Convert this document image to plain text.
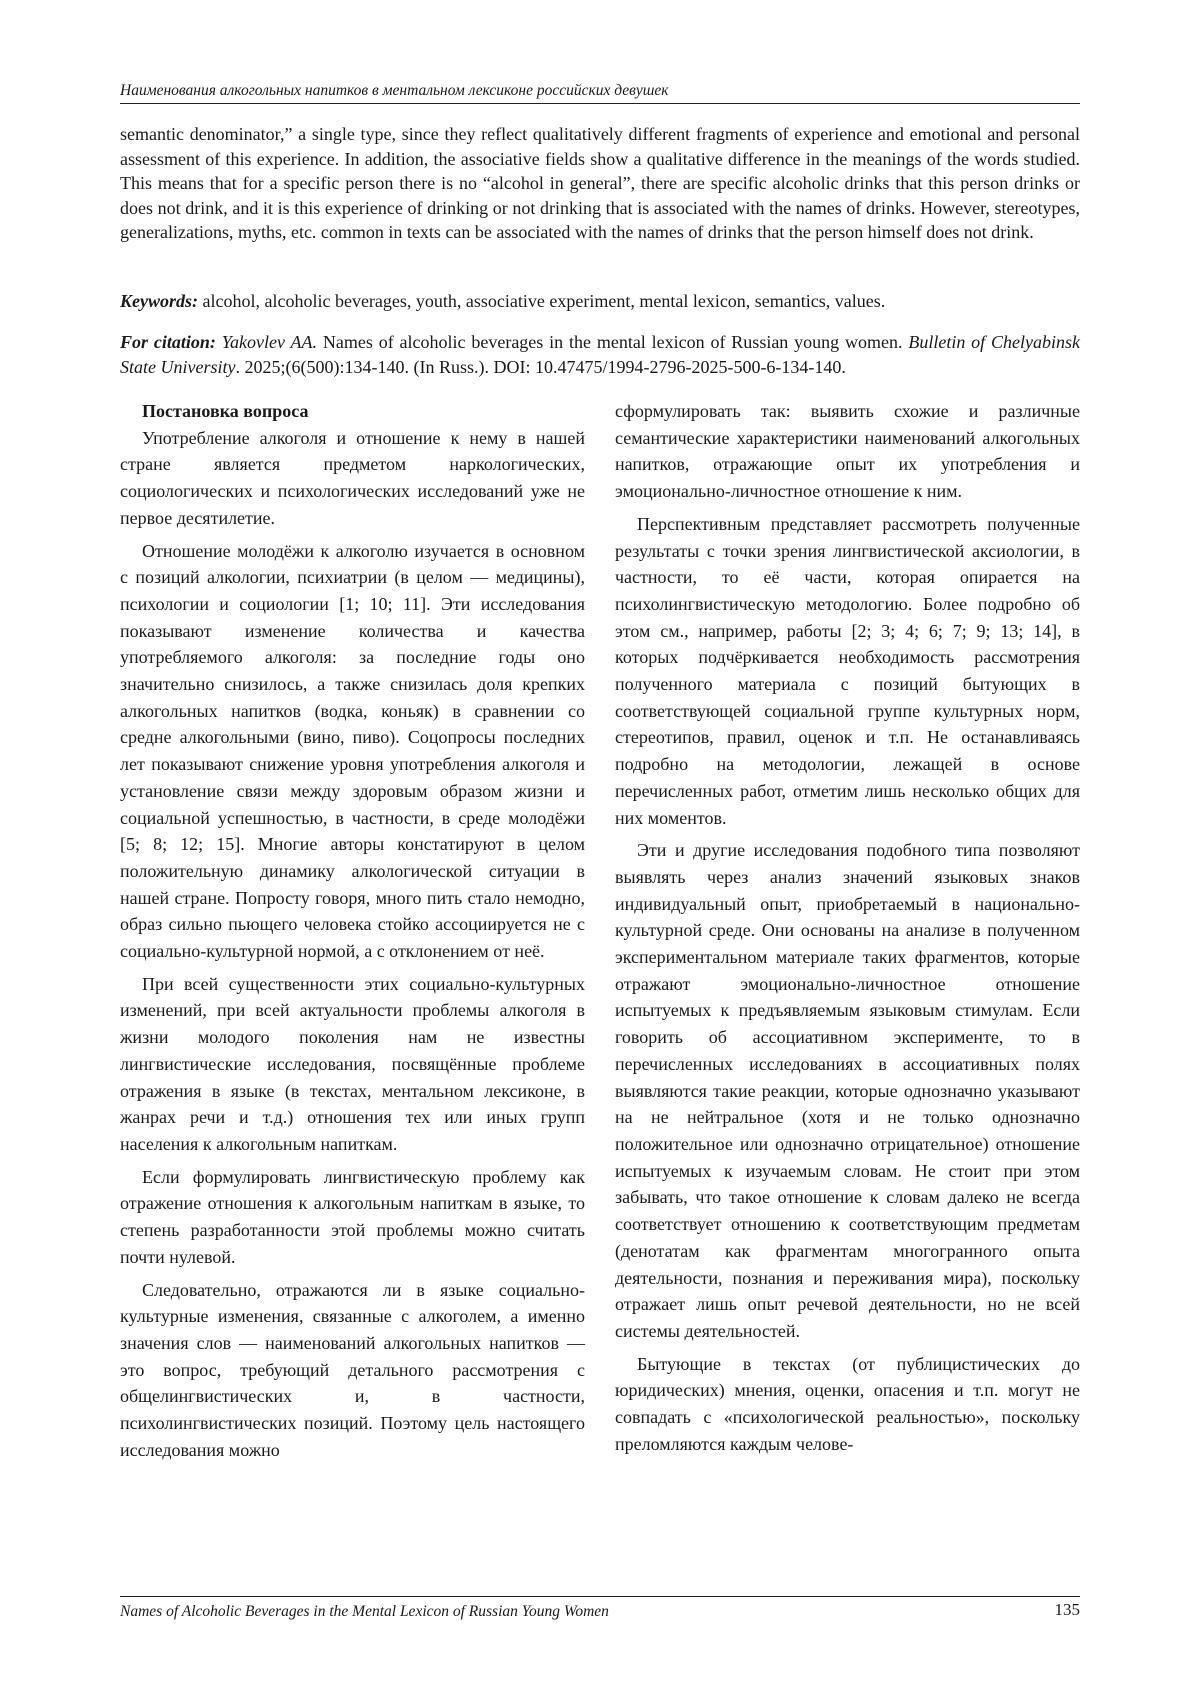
Наименования алкогольных напитков в ментальном лексиконе российских девушек

semantic denominator,” a single type, since they reflect qualitatively different fragments of experience and emotional and personal assessment of this experience. In addition, the associative fields show a qualitative difference in the meanings of the words studied. This means that for a specific person there is no “alcohol in general”, there are specific alcoholic drinks that this person drinks or does not drink, and it is this experience of drinking or not drinking that is associated with the names of drinks. However, stereotypes, generalizations, myths, etc. common in texts can be associated with the names of drinks that the person himself does not drink.

Keywords: alcohol, alcoholic beverages, youth, associative experiment, mental lexicon, semantics, values.
For citation: Yakovlev AA. Names of alcoholic beverages in the mental lexicon of Russian young women. Bulletin of Chelyabinsk State University. 2025;(6(500):134-140. (In Russ.). DOI: 10.47475/1994-2796-2025-500-6-134-140.
Постановка вопроса

Употребление алкоголя и отношение к нему в нашей стране является предметом наркологических, социологических и психологических исследований уже не первое десятилетие.

Отношение молодёжи к алкоголю изучается в основном с позиций алкологии, психиатрии (в целом — медицины), психологии и социологии [1; 10; 11]. Эти исследования показывают изменение количества и качества употребляемого алкоголя: за последние годы оно значительно снизилось, а также снизилась доля крепких алкогольных напитков (водка, коньяк) в сравнении со средне алкогольными (вино, пиво). Соцопросы последних лет показывают снижение уровня употребления алкоголя и установление связи между здоровым образом жизни и социальной успешностью, в частности, в среде молодёжи [5; 8; 12; 15]. Многие авторы констатируют в целом положительную динамику алкологической ситуации в нашей стране. Попросту говоря, много пить стало немодно, образ сильно пьющего человека стойко ассоциируется не с социально-культурной нормой, а с отклонением от неё.

При всей существенности этих социально-культурных изменений, при всей актуальности проблемы алкоголя в жизни молодого поколения нам не известны лингвистические исследования, посвящённые проблеме отражения в языке (в текстах, ментальном лексиконе, в жанрах речи и т.д.) отношения тех или иных групп населения к алкогольным напиткам.

Если формулировать лингвистическую проблему как отражение отношения к алкогольным напиткам в языке, то степень разработанности этой проблемы можно считать почти нулевой.

Следовательно, отражаются ли в языке социально-культурные изменения, связанные с алкоголем, а именно значения слов — наименований алкогольных напитков — это вопрос, требующий детального рассмотрения с общелингвистических и, в частности, психолингвистических позиций. Поэтому цель настоящего исследования можно

сформулировать так: выявить схожие и различные семантические характеристики наименований алкогольных напитков, отражающие опыт их употребления и эмоционально-личностное отношение к ним.

Перспективным представляет рассмотреть полученные результаты с точки зрения лингвистической аксиологии, в частности, то её части, которая опирается на психолингвистическую методологию. Более подробно об этом см., например, работы [2; 3; 4; 6; 7; 9; 13; 14], в которых подчёркивается необходимость рассмотрения полученного материала с позиций бытующих в соответствующей социальной группе культурных норм, стереотипов, правил, оценок и т.п. Не останавливаясь подробно на методологии, лежащей в основе перечисленных работ, отметим лишь несколько общих для них моментов.

Эти и другие исследования подобного типа позволяют выявлять через анализ значений языковых знаков индивидуальный опыт, приобретаемый в национально-культурной среде. Они основаны на анализе в полученном экспериментальном материале таких фрагментов, которые отражают эмоционально-личностное отношение испытуемых к предъявляемым языковым стимулам. Если говорить об ассоциативном эксперименте, то в перечисленных исследованиях в ассоциативных полях выявляются такие реакции, которые однозначно указывают на не нейтральное (хотя и не только однозначно положительное или однозначно отрицательное) отношение испытуемых к изучаемым словам. Не стоит при этом забывать, что такое отношение к словам далеко не всегда соответствует отношению к соответствующим предметам (денотатам как фрагментам многогранного опыта деятельности, познания и переживания мира), поскольку отражает лишь опыт речевой деятельности, но не всей системы деятельностей.

Бытующие в текстах (от публицистических до юридических) мнения, оценки, опасения и т.п. могут не совпадать с «психологической реальностью», поскольку преломляются каждым челове-

Names of Alcoholic Beverages in the Mental Lexicon of Russian Young Women	135
